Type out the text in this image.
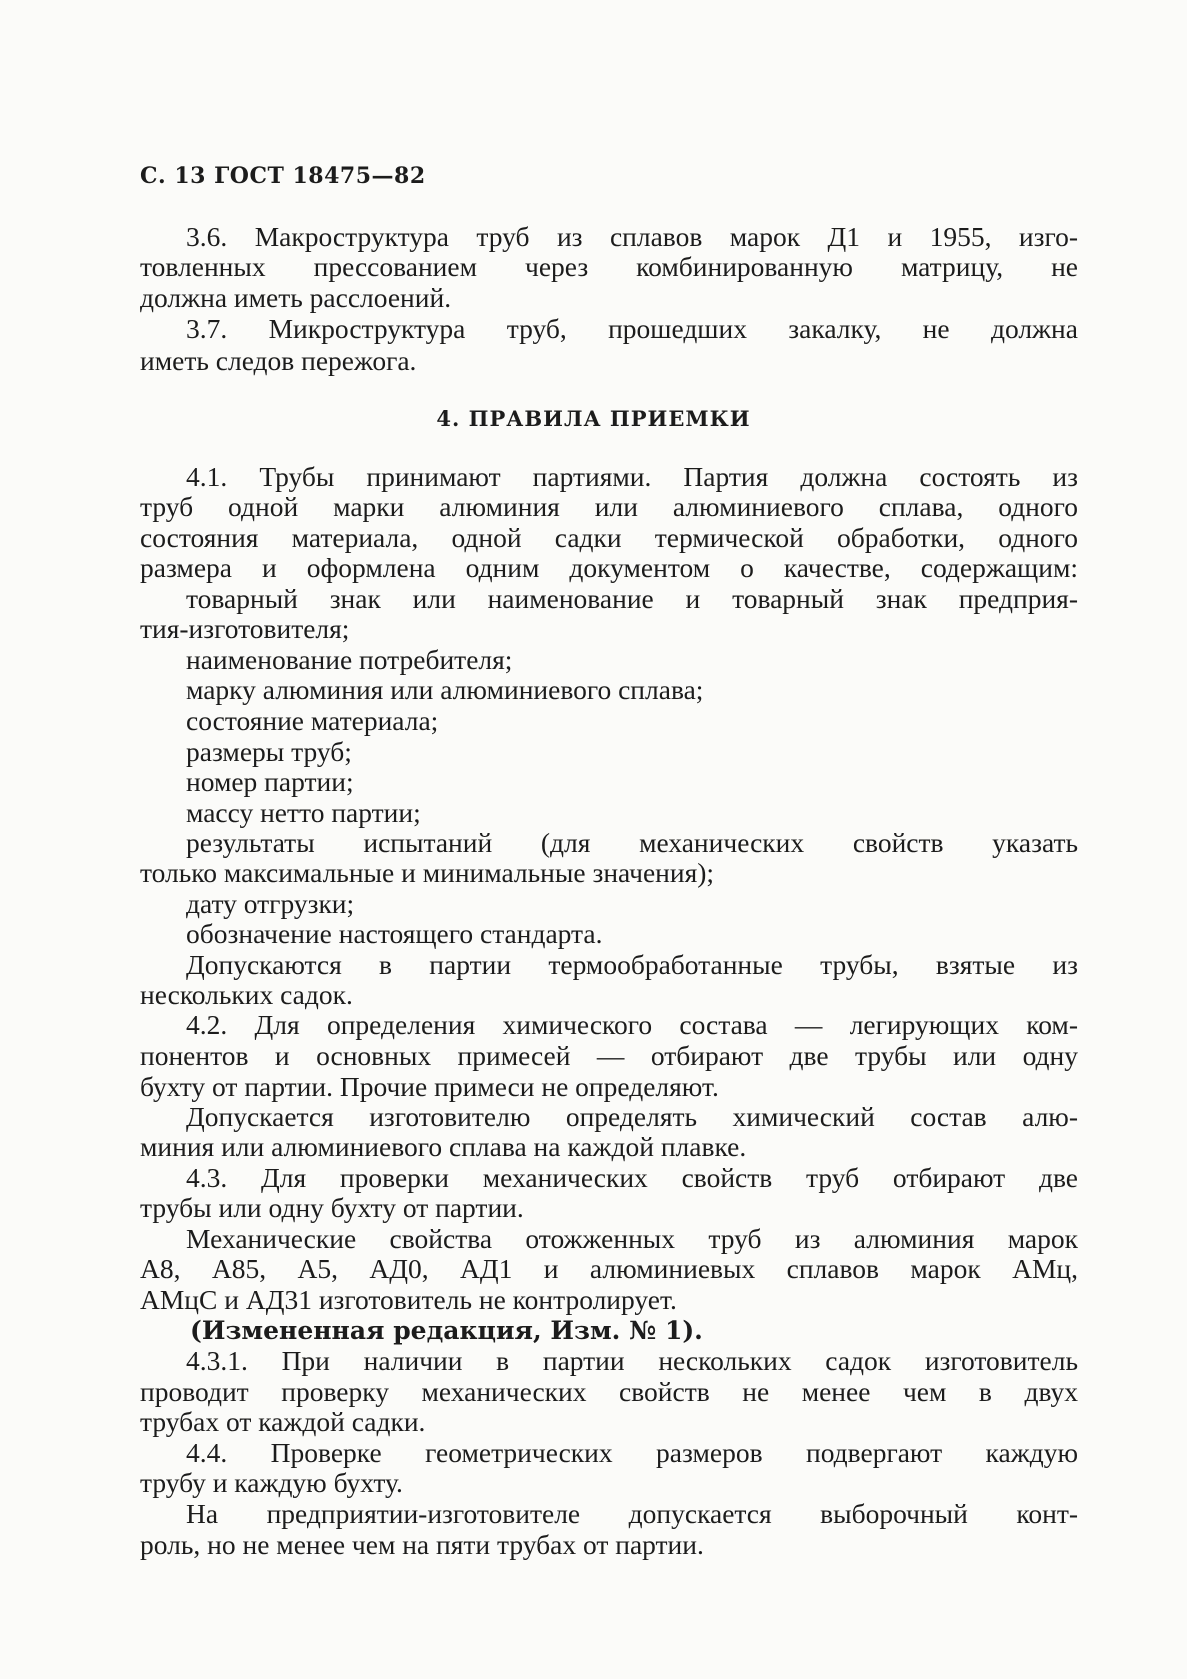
С. 13 ГОСТ 18475—82
3.6. Макроструктура труб из сплавов марок Д1 и 1955, изго-
товленных прессованием через комбинированную матрицу, не
должна иметь расслоений.
3.7. Микроструктура труб, прошедших закалку, не должна
иметь следов пережога.
4. ПРАВИЛА ПРИЕМКИ
4.1. Трубы принимают партиями. Партия должна состоять из
труб одной марки алюминия или алюминиевого сплава, одного
состояния материала, одной садки термической обработки, одного
размера и оформлена одним документом о качестве, содержащим:
товарный знак или наименование и товарный знак предприя-
тия-изготовителя;
наименование потребителя;
марку алюминия или алюминиевого сплава;
состояние материала;
размеры труб;
номер партии;
массу нетто партии;
результаты испытаний (для механических свойств указать
только максимальные и минимальные значения);
дату отгрузки;
обозначение настоящего стандарта.
Допускаются в партии термообработанные трубы, взятые из
нескольких садок.
4.2. Для определения химического состава — легирующих ком-
понентов и основных примесей — отбирают две трубы или одну
бухту от партии. Прочие примеси не определяют.
Допускается изготовителю определять химический состав алю-
миния или алюминиевого сплава на каждой плавке.
4.3. Для проверки механических свойств труб отбирают две
трубы или одну бухту от партии.
Механические свойства отожженных труб из алюминия марок
А8, А85, А5, АД0, АД1 и алюминиевых сплавов марок АМц,
АМцС и АД31 изготовитель не контролирует.
(Измененная редакция, Изм. № 1).
4.3.1. При наличии в партии нескольких садок изготовитель
проводит проверку механических свойств не менее чем в двух
трубах от каждой садки.
4.4. Проверке геометрических размеров подвергают каждую
трубу и каждую бухту.
На предприятии-изготовителе допускается выборочный конт-
роль, но не менее чем на пяти трубах от партии.
